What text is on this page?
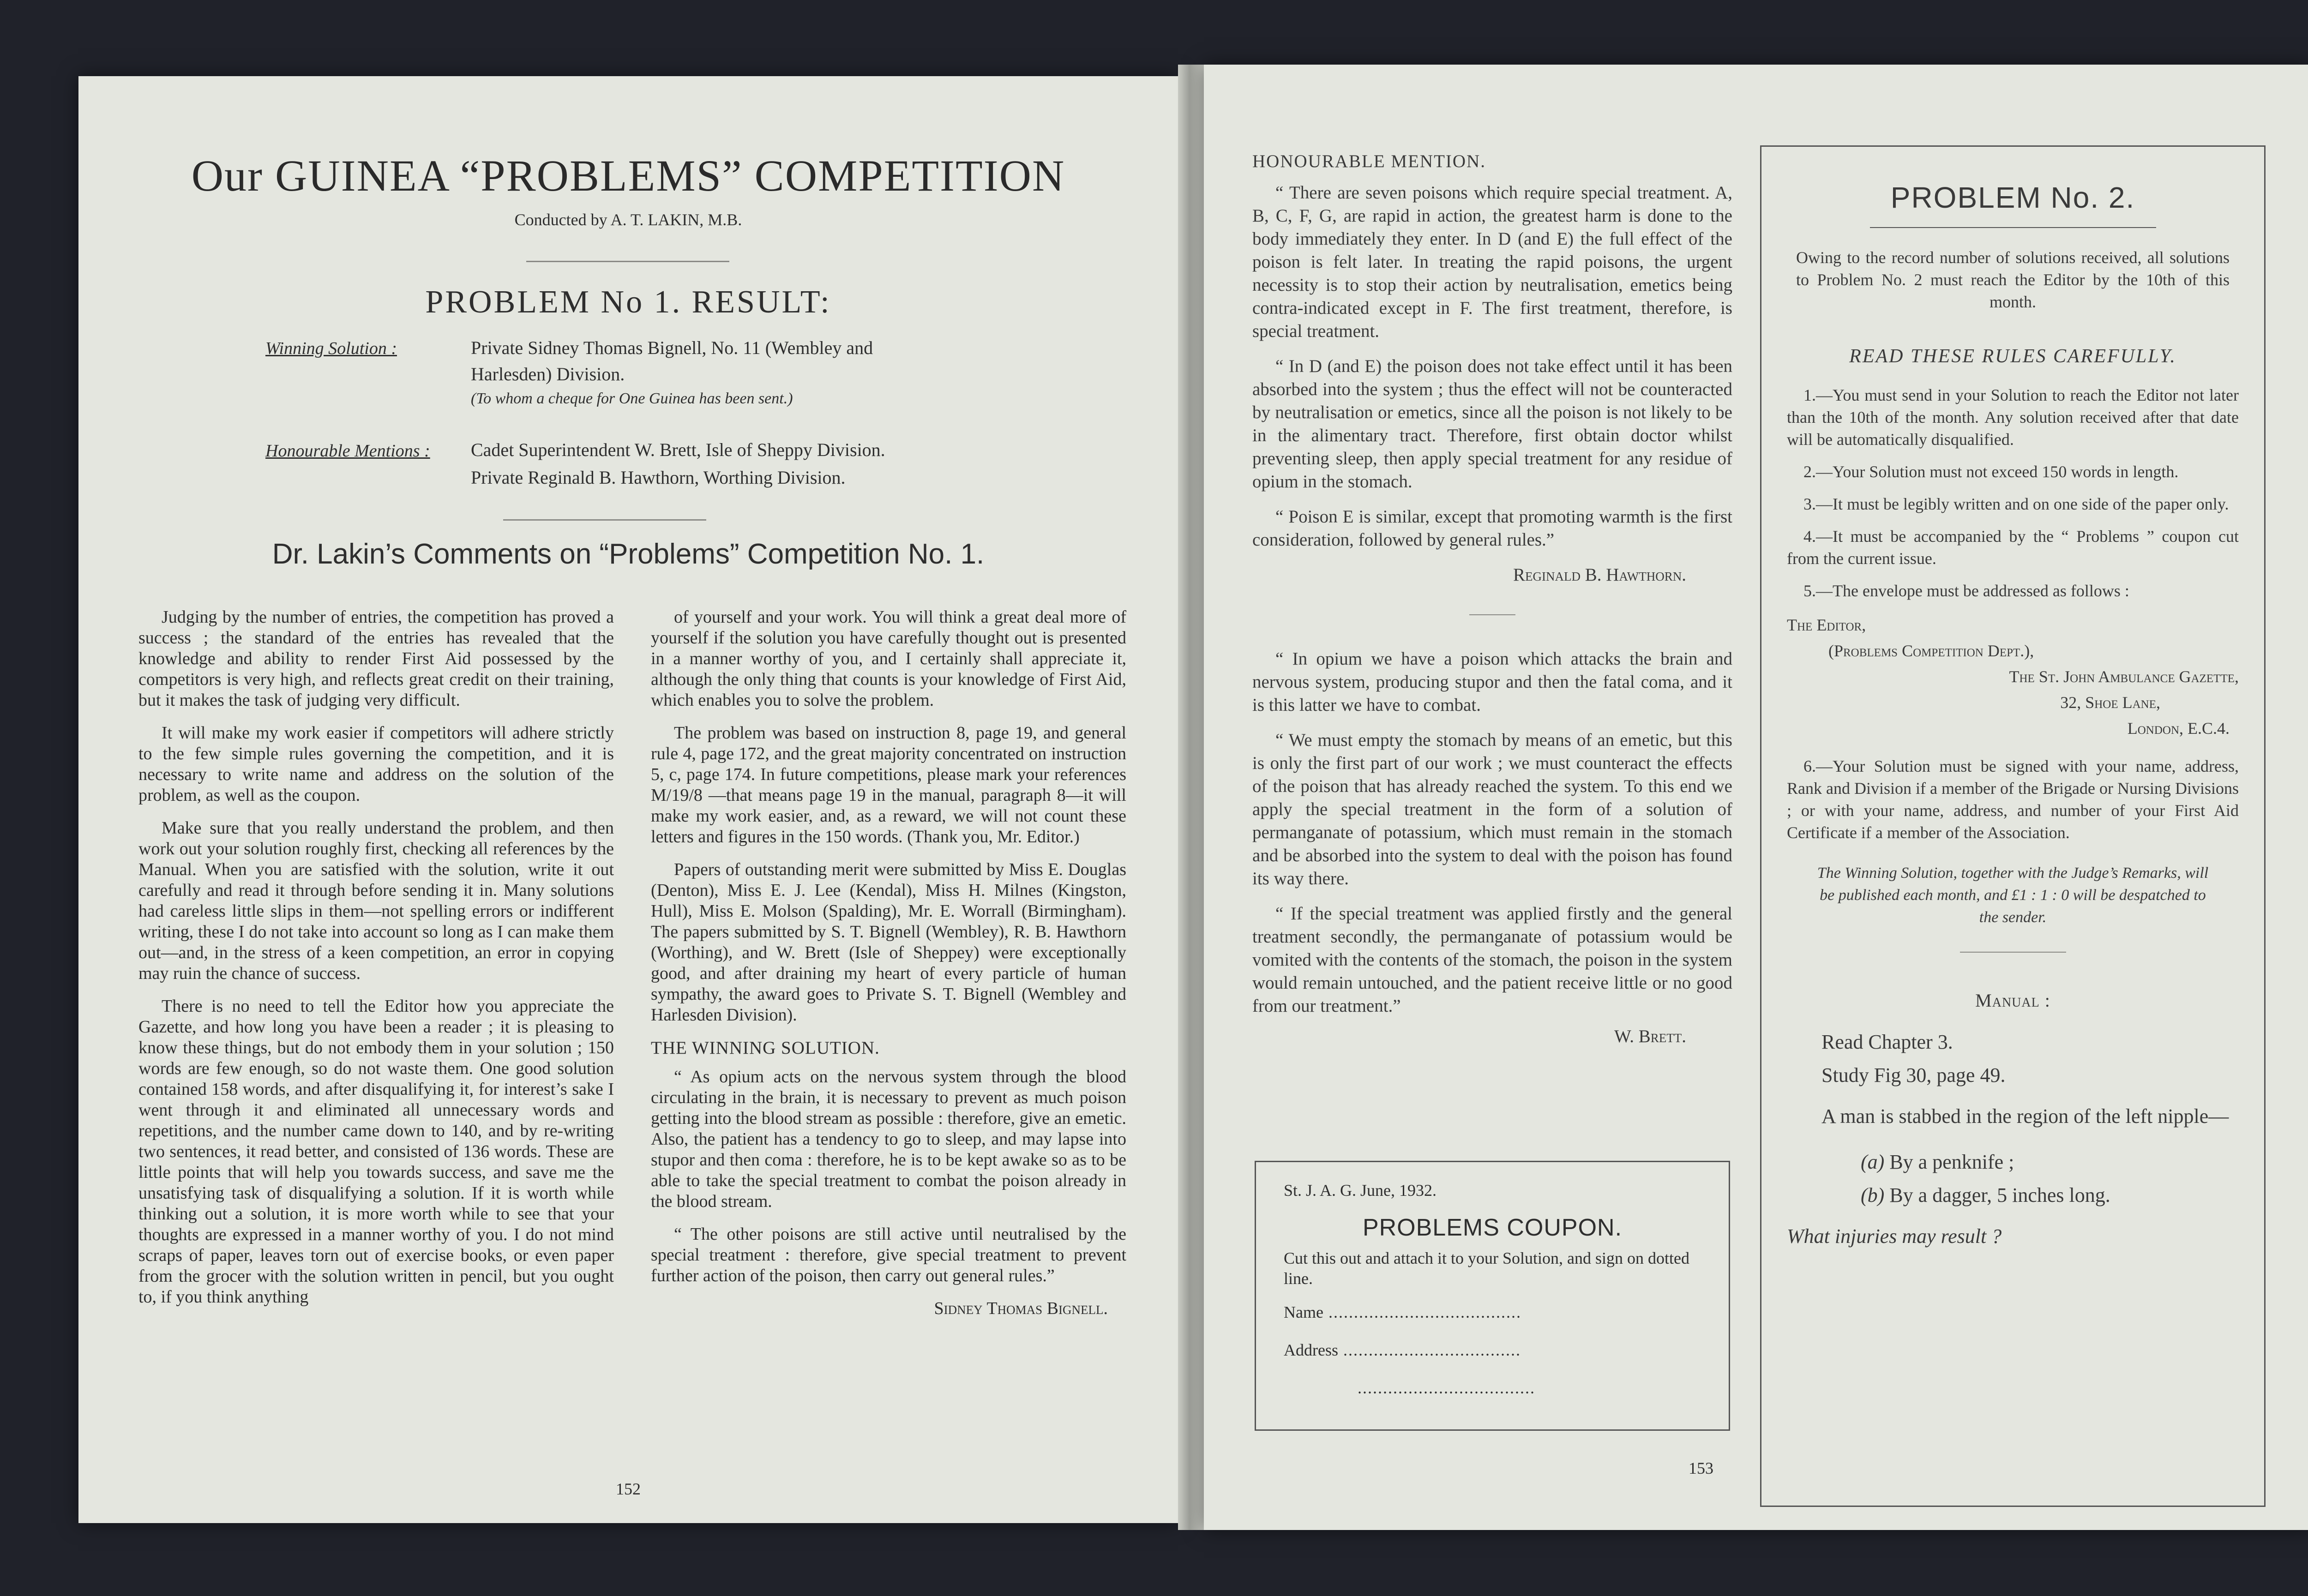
Our GUINEA “PROBLEMS” COMPETITION
Conducted by A. T. LAKIN, M.B.
PROBLEM No 1. RESULT:
Winning Solution :	Private Sidney Thomas Bignell, No. 11 (Wembley and
Harlesden) Division.
(To whom a cheque for One Guinea has been sent.)
Honourable Mentions : Cadet Superintendent W. Brett, Isle of Sheppy Division.
Private Reginald B. Hawthorn, Worthing Division.
Dr. Lakin’s Comments on “Problems” Competition No. 1.

Judging by the number of entries, the competition has proved a success ; the standard of the entries has revealed that the knowledge and ability to render First Aid possessed by the competitors is very high, and reflects great credit on their training, but it makes the task of judging very difficult.

It will make my work easier if competitors will adhere strictly to the few simple rules governing the competition, and it is necessary to write name and address on the solution of the problem, as well as the coupon.

Make sure that you really understand the problem, and then work out your solution roughly first, checking all references by the Manual. When you are satisfied with the solution, write it out carefully and read it through before sending it in. Many solutions had careless little slips in them—not spelling errors or indifferent writing, these I do not take into account so long as I can make them out—and, in the stress of a keen competition, an error in copying may ruin the chance of success.

There is no need to tell the Editor how you appreciate the Gazette, and how long you have been a reader ; it is pleasing to know these things, but do not embody them in your solution ; 150 words are few enough, so do not waste them. One good solution contained 158 words, and after disqualifying it, for interest’s sake I went through it and eliminated all unnecessary words and repetitions, and the number came down to 140, and by re-writing two sentences, it read better, and consisted of 136 words. These are little points that will help you towards success, and save me the unsatisfying task of disqualifying a solution. If it is worth while thinking out a solution, it is more worth while to see that your thoughts are expressed in a manner worthy of you. I do not mind scraps of paper, leaves torn out of exercise books, or even paper from the grocer with the solution written in pencil, but you ought to, if you think anything

of yourself and your work. You will think a great deal more of yourself if the solution you have carefully thought out is presented in a manner worthy of you, and I certainly shall appreciate it, although the only thing that counts is your knowledge of First Aid, which enables you to solve the problem.

The problem was based on instruction 8, page 19, and general rule 4, page 172, and the great majority concentrated on instruction 5, c, page 174. In future competitions, please mark your references M/19/8 —that means page 19 in the manual, paragraph 8—it will make my work easier, and, as a reward, we will not count these letters and figures in the 150 words. (Thank you, Mr. Editor.)

Papers of outstanding merit were submitted by Miss E. Douglas (Denton), Miss E. J. Lee (Kendal), Miss H. Milnes (Kingston, Hull), Miss E. Molson (Spalding), Mr. E. Worrall (Birmingham). The papers submitted by S. T. Bignell (Wembley), R. B. Hawthorn (Worthing), and W. Brett (Isle of Sheppey) were exceptionally good, and after draining my heart of every particle of human sympathy, the award goes to Private S. T. Bignell (Wembley and Harlesden Division).

THE WINNING SOLUTION.

“ As opium acts on the nervous system through the blood circulating in the brain, it is necessary to prevent as much poison getting into the blood stream as possible : therefore, give an emetic. Also, the patient has a tendency to go to sleep, and may lapse into stupor and then coma : therefore, he is to be kept awake so as to be able to take the special treatment to combat the poison already in the blood stream.

“ The other poisons are still active until neutralised by the special treatment : therefore, give special treatment to prevent further action of the poison, then carry out general rules.”

Sidney Thomas Bignell.
152
HONOURABLE MENTION.

“ There are seven poisons which require special treatment. A, B, C, F, G, are rapid in action, the greatest harm is done to the body immediately they enter. In D (and E) the full effect of the poison is felt later. In treating the rapid poisons, the urgent necessity is to stop their action by neutralisation, emetics being contra-indicated except in F. The first treatment, therefore, is special treatment.

“ In D (and E) the poison does not take effect until it has been absorbed into the system ; thus the effect will not be counteracted by neutralisation or emetics, since all the poison is not likely to be in the alimentary tract. Therefore, first obtain doctor whilst preventing sleep, then apply special treatment for any residue of opium in the stomach.

“ Poison E is similar, except that promoting warmth is the first consideration, followed by general rules.”

Reginald B. Hawthorn.

“ In opium we have a poison which attacks the brain and nervous system, producing stupor and then the fatal coma, and it is this latter we have to combat.

“ We must empty the stomach by means of an emetic, but this is only the first part of our work ; we must counteract the effects of the poison that has already reached the system. To this end we apply the special treatment in the form of a solution of permanganate of potassium, which must remain in the stomach and be absorbed into the system to deal with the poison has found its way there.

“ If the special treatment was applied firstly and the general treatment secondly, the permanganate of potassium would be vomited with the contents of the stomach, the poison in the system would remain untouched, and the patient receive little or no good from our treatment.”

W. Brett.

St. J. A. G. June, 1932.

PROBLEMS COUPON.

Cut this out and attach it to your Solution, and sign on dotted line.

Name ......................................

Address ...................................

...................................

PROBLEM No. 2.
Owing to the record number of solutions received, all solutions to Problem No. 2 must reach the Editor by the 10th of this month.
READ THESE RULES CAREFULLY.

1.—You must send in your Solution to reach the Editor not later than the 10th of the month. Any solution received after that date will be automatically disqualified.

2.—Your Solution must not exceed 150 words in length.

3.—It must be legibly written and on one side of the paper only.

4.—It must be accompanied by the “ Problems ” coupon cut from the current issue.

5.—The envelope must be addressed as follows :

The Editor,
(Problems Competition Dept.),
The St. John Ambulance Gazette,
32, Shoe Lane,
London, E.C.4.

6.—Your Solution must be signed with your name, address, Rank and Division if a member of the Brigade or Nursing Divisions ; or with your name, address, and number of your First Aid Certificate if a member of the Association.

The Winning Solution, together with the Judge’s Remarks, will be published each month, and £1 : 1 : 0 will be despatched to the sender.
Manual :
Read Chapter 3.
Study Fig 30, page 49.
A man is stabbed in the region of the left nipple—
(a) By a penknife ;
(b) By a dagger, 5 inches long.
What injuries may result ?
153
